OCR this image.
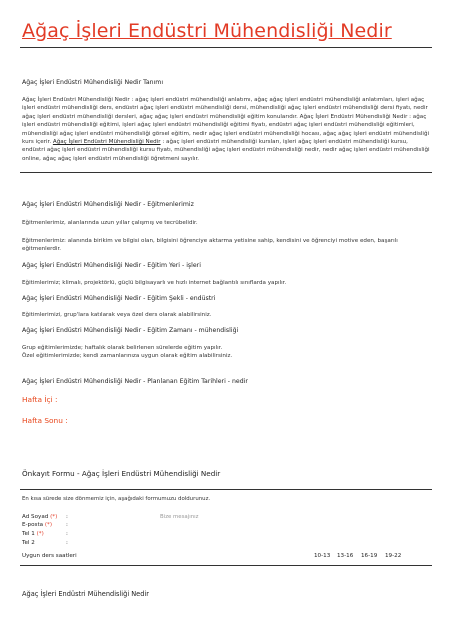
Ağaç İşleri Endüstri Mühendisliği Nedir
Ağaç İşleri Endüstri Mühendisliği Nedir Tanımı
Ağaç İşleri Endüstri Mühendisliği Nedir : ağaç işleri endüstri mühendisliği anlatımı, ağaç ağaç işleri endüstri mühendisliği anlatımları, işleri ağaç işleri endüstri mühendisliği ders, endüstri ağaç işleri endüstri mühendisliği dersi, mühendisliği ağaç işleri endüstri mühendisliği dersi fiyatı, nedir ağaç işleri endüstri mühendisliği dersleri, ağaç ağaç işleri endüstri mühendisliği eğitim konularıdır. Ağaç İşleri Endüstri Mühendisliği Nedir : ağaç işleri endüstri mühendisliği eğitimi, işleri ağaç işleri endüstri mühendisliği eğitimi fiyatı, endüstri ağaç işleri endüstri mühendisliği eğitimleri, mühendisliği ağaç işleri endüstri mühendisliği görsel eğitim, nedir ağaç işleri endüstri mühendisliği hocası, ağaç ağaç işleri endüstri mühendisliği kurs içerir. Ağaç İşleri Endüstri Mühendisliği Nedir : ağaç işleri endüstri mühendisliği kursları, işleri ağaç işleri endüstri mühendisliği kursu, endüstri ağaç işleri endüstri mühendisliği kursu fiyatı, mühendisliği ağaç işleri endüstri mühendisliği nedir, nedir ağaç işleri endüstri mühendisliği online, ağaç ağaç işleri endüstri mühendisliği öğretmeni sayılır.
Ağaç İşleri Endüstri Mühendisliği Nedir - Eğitmenlerimiz
Eğitmenlerimiz, alanlarında uzun yıllar çalışmış ve tecrübelidir.
Eğitmenlerimiz: alanında birikim ve bilgisi olan, bilgisini öğrenciye aktarma yetisine sahip, kendisini ve öğrenciyi motive eden, başarılı eğitmenlerdir.
Ağaç İşleri Endüstri Mühendisliği Nedir - Eğitim Yeri - işleri
Eğitimlerimiz; klimalı, projektörlü, güçlü bilgisayarlı ve hızlı internet bağlantılı sınıflarda yapılır.
Ağaç İşleri Endüstri Mühendisliği Nedir - Eğitim Şekli - endüstri
Eğitimlerimizi, grup'lara katılarak veya özel ders olarak alabilirsiniz.
Ağaç İşleri Endüstri Mühendisliği Nedir - Eğitim Zamanı - mühendisliği
Grup eğitimlerimizde; haftalık olarak belirlenen sürelerde eğitim yapılır.
Özel eğitimlerimizde; kendi zamanlarınıza uygun olarak eğitim alabilirsiniz.
Ağaç İşleri Endüstri Mühendisliği Nedir - Planlanan Eğitim Tarihleri - nedir
Hafta İçi :
Hafta Sonu :
Önkayıt Formu - Ağaç İşleri Endüstri Mühendisliği Nedir
En kısa sürede size dönmemiz için, aşağıdaki formumuzu doldurunuz.
Ad Soyad (*) :
E-posta (*) :
Tel 1 (*)	:
Tel 2	:
Bize mesajınız
Uygun ders saatleri	10-13 13-16 16-19 19-22
Ağaç İşleri Endüstri Mühendisliği Nedir
